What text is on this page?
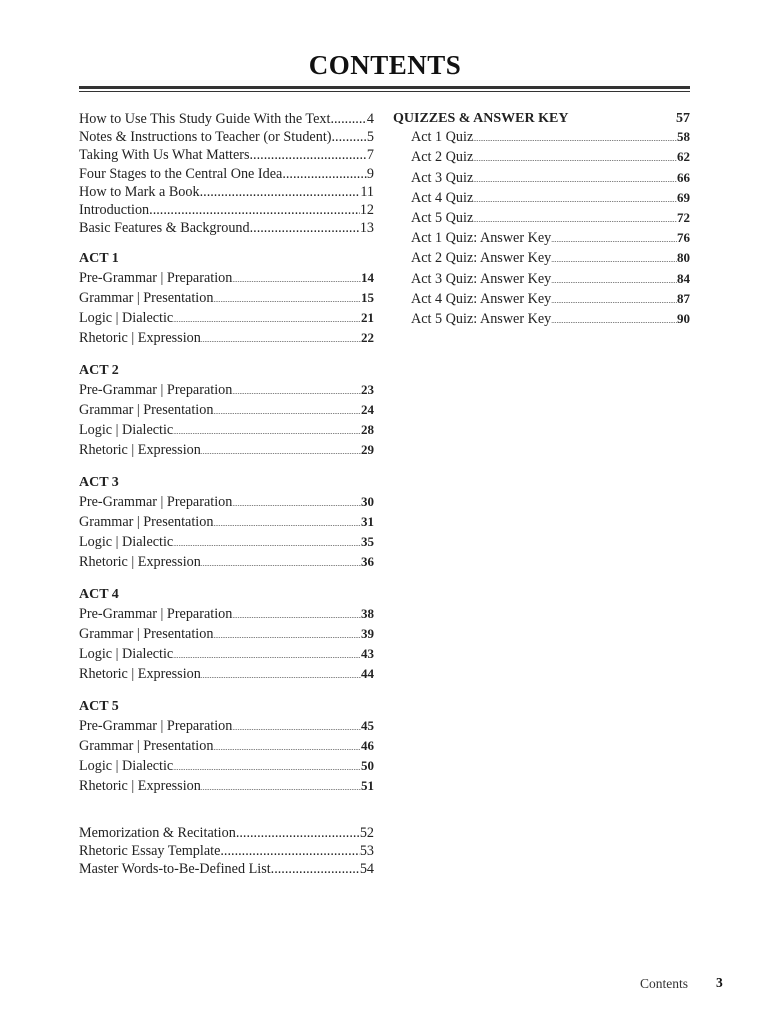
CONTENTS
How to Use This Study Guide With the Text .....	4
Notes & Instructions to Teacher (or Student) ..... 5
Taking With Us What Matters .....	7
Four Stages to the Central One Idea .....	9
How to Mark a Book .....	11
Introduction .....	12
Basic Features & Background .....	13
ACT 1
Pre-Grammar | Preparation .....	14
Grammar | Presentation .....	15
Logic | Dialectic .....	21
Rhetoric | Expression .....	22
ACT 2
Pre-Grammar | Preparation .....	23
Grammar | Presentation .....	24
Logic | Dialectic .....	28
Rhetoric | Expression .....	29
ACT 3
Pre-Grammar | Preparation .....	30
Grammar | Presentation .....	31
Logic | Dialectic .....	35
Rhetoric | Expression .....	36
ACT 4
Pre-Grammar | Preparation .....	38
Grammar | Presentation .....	39
Logic | Dialectic .....	43
Rhetoric | Expression .....	44
ACT 5
Pre-Grammar | Preparation .....	45
Grammar | Presentation .....	46
Logic | Dialectic .....	50
Rhetoric | Expression .....	51
Memorization & Recitation .....	52
Rhetoric Essay Template .....	53
Master Words-to-Be-Defined List .....	54
QUIZZES & ANSWER KEY	57
Act 1 Quiz .....	58
Act 2 Quiz .....	62
Act 3 Quiz .....	66
Act 4 Quiz .....	69
Act 5 Quiz .....	72
Act 1 Quiz: Answer Key .....	76
Act 2 Quiz: Answer Key .....	80
Act 3 Quiz: Answer Key .....	84
Act 4 Quiz: Answer Key .....	87
Act 5 Quiz: Answer Key .....	90
Contents 3
